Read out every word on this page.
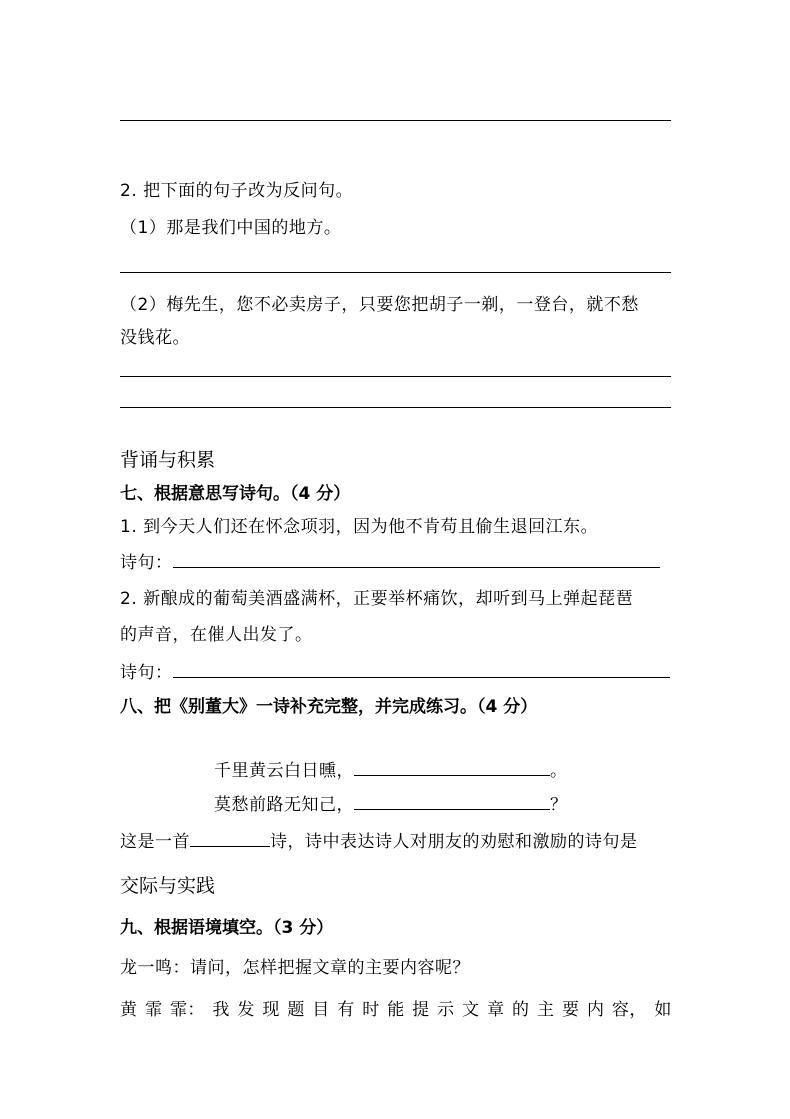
2. 把下面的句子改为反问句。
（1）那是我们中国的地方。
（2）梅先生，您不必卖房子，只要您把胡子一剃，一登台，就不愁
没钱花。
背诵与积累
七、根据意思写诗句。（4 分）
1. 到今天人们还在怀念项羽，因为他不肯苟且偷生退回江东。
诗句：
2. 新酿成的葡萄美酒盛满杯，正要举杯痛饮，却听到马上弹起琵琶
的声音，在催人出发了。
诗句：
八、把《别董大》一诗补充完整，并完成练习。（4 分）
千里黄云白日曛，	。
莫愁前路无知己，	？
这是一首	诗，诗中表达诗人对朋友的劝慰和激励的诗句是
交际与实践
九、根据语境填空。（3 分）
龙一鸣：请问，怎样把握文章的主要内容呢？
黄 霏 霏： 我 发 现 题 目 有 时 能 提 示 文 章 的 主 要 内 容， 如
